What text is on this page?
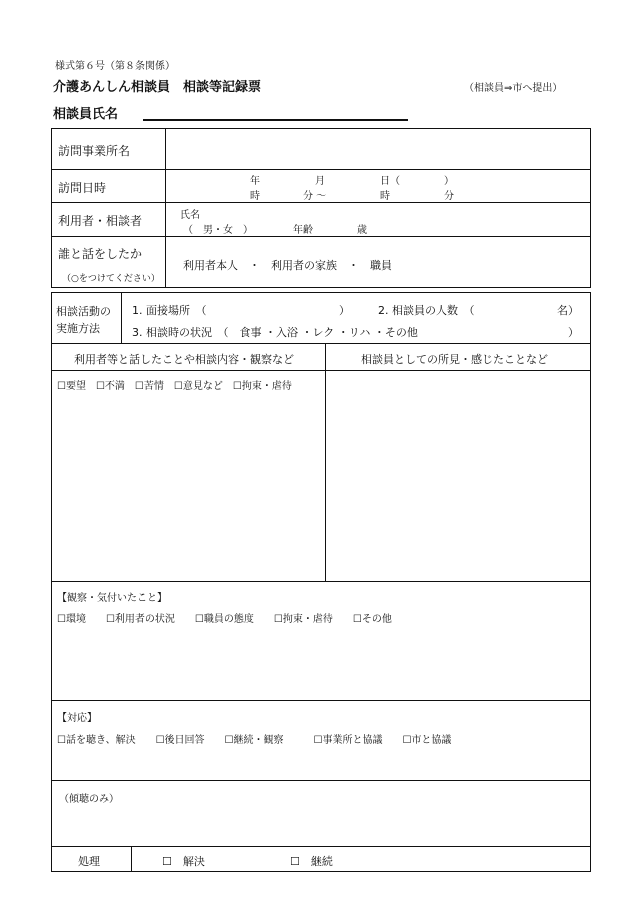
様式第６号（第８条関係）
介護あんしん相談員　相談等記録票	（相談員⇒市へ提出）
相談員氏名
訪問事業所名
訪問日時	年	月	日（	）
時	分 〜	時	分
利用者・相談者	氏名
（　男・女　）	年齢	歳
誰と話をしたか
（○をつけてください）
利用者本人　・　利用者の家族　・　職員
相談活動の
実施方法
1. 面接場所　（	）	2. 相談員の人数　（	名）
3. 相談時の状況　（　食事 ・入浴 ・レク ・リハ ・その他	）
利用者等と話したことや相談内容・観察など	相談員としての所見・感じたことなど
☐要望　☐不満　☐苦情　☐意見など　☐拘束・虐待
【観察・気付いたこと】
☐環境　　☐利用者の状況　　☐職員の態度　　☐拘束・虐待　　☐その他
【対応】
☐話を聴き、解決　　☐後日回答　　☐継続・観察　　　☐事業所と協議　　☐市と協議
（傾聴のみ）
処理	☐　解決	☐　継続
